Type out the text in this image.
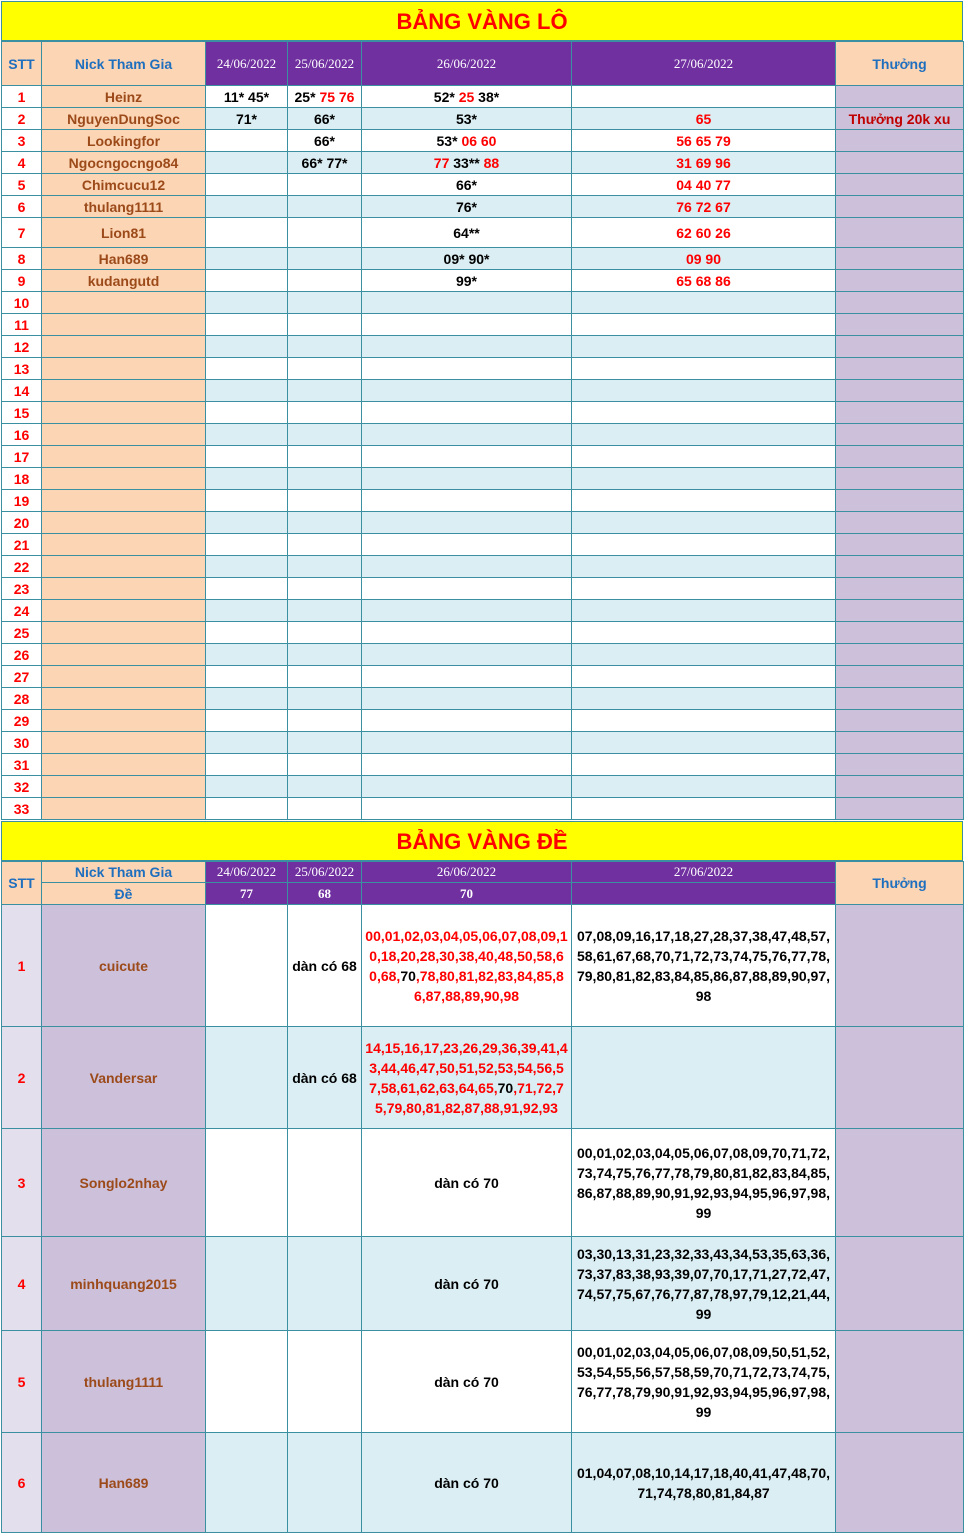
BẢNG VÀNG LÔ
STT	Nick Tham Gia	24/06/2022	25/06/2022	26/06/2022	27/06/2022	Thưởng
1	Heinz	11* 45*	25* 75 76	52* 25 38*		
2	NguyenDungSoc	71*	66*	53*	65	Thưởng 20k xu
3	Lookingfor		66*	53* 06 60	56 65 79	
4	Ngocngocngo84		66* 77*	77 33** 88	31 69 96	
5	Chimcucu12			66*	04 40 77	
6	thulang1111			76*	76 72 67	
7	Lion81			64**	62 60 26	
8	Han689			09* 90*	09 90	
9	kudangutd			99*	65 68 86	
10						
11						
12						
13						
14						
15						
16						
17						
18						
19						
20						
21						
22						
23						
24						
25						
26						
27						
28						
29						
30						
31						
32						
33						
BẢNG VÀNG ĐỀ
STT	Nick Tham Gia	24/06/2022	25/06/2022	26/06/2022	27/06/2022	Thưởng
	Đề	77	68	70		
1	cuicute		dàn có 68	00,01,02,03,04,05,06,07,08,09,10,18,20,28,30,38,40,48,50,58,60,68,70,78,80,81,82,83,84,85,86,87,88,89,90,98	07,08,09,16,17,18,27,28,37,38,47,48,57,58,61,67,68,70,71,72,73,74,75,76,77,78,79,80,81,82,83,84,85,86,87,88,89,90,97,98	
2	Vandersar		dàn có 68	14,15,16,17,23,26,29,36,39,41,43,44,46,47,50,51,52,53,54,56,57,58,61,62,63,64,65,70,71,72,75,79,80,81,82,87,88,91,92,93		
3	Songlo2nhay			dàn có 70	00,01,02,03,04,05,06,07,08,09,70,71,72,73,74,75,76,77,78,79,80,81,82,83,84,85,86,87,88,89,90,91,92,93,94,95,96,97,98,99	
4	minhquang2015			dàn có 70	03,30,13,31,23,32,33,43,34,53,35,63,36,73,37,83,38,93,39,07,70,17,71,27,72,47,74,57,75,67,76,77,87,78,97,79,12,21,44,99	
5	thulang1111			dàn có 70	00,01,02,03,04,05,06,07,08,09,50,51,52,53,54,55,56,57,58,59,70,71,72,73,74,75,76,77,78,79,90,91,92,93,94,95,96,97,98,99	
6	Han689			dàn có 70	01,04,07,08,10,14,17,18,40,41,47,48,70,71,74,78,80,81,84,87	
